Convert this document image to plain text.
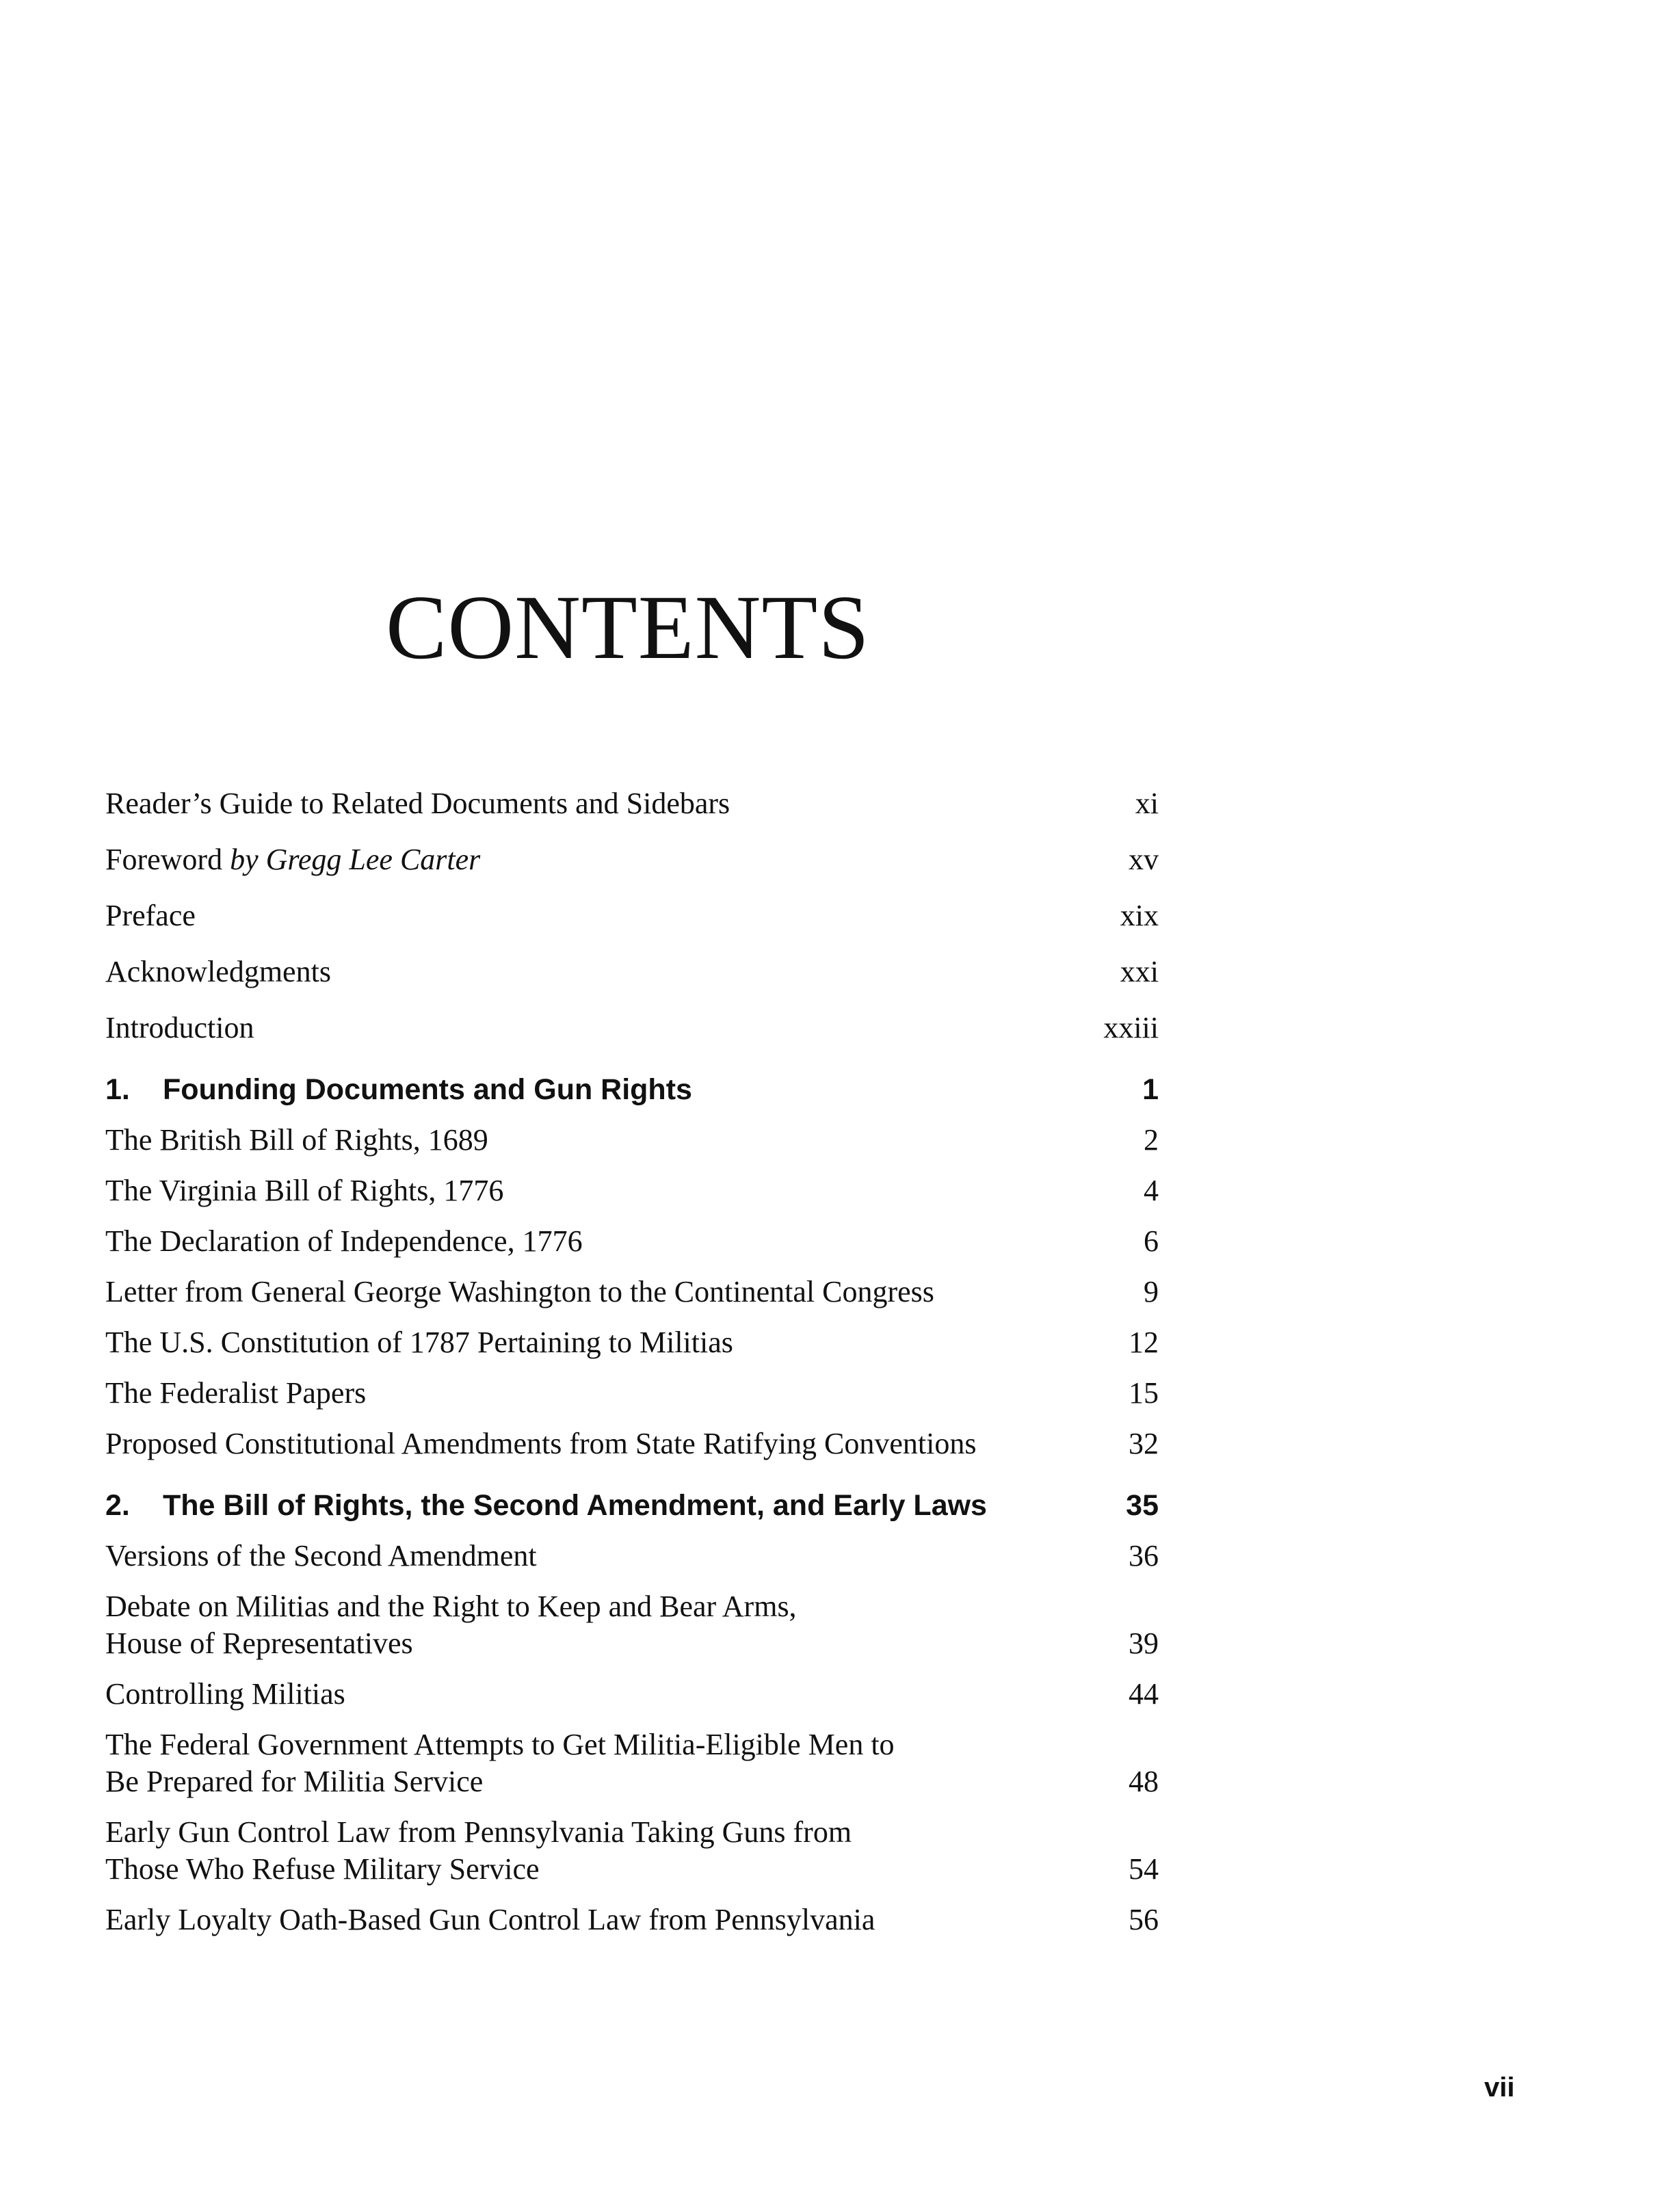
CONTENTS
Reader’s Guide to Related Documents and Sidebars	xi
Foreword by Gregg Lee Carter	xv
Preface	xix
Acknowledgments	xxi
Introduction	xxiii
1. Founding Documents and Gun Rights	1
The British Bill of Rights, 1689	2
The Virginia Bill of Rights, 1776	4
The Declaration of Independence, 1776	6
Letter from General George Washington to the Continental Congress	9
The U.S. Constitution of 1787 Pertaining to Militias	12
The Federalist Papers	15
Proposed Constitutional Amendments from State Ratifying Conventions	32
2. The Bill of Rights, the Second Amendment, and Early Laws	35
Versions of the Second Amendment	36
Debate on Militias and the Right to Keep and Bear Arms,
House of Representatives	39
Controlling Militias	44
The Federal Government Attempts to Get Militia-Eligible Men to
Be Prepared for Militia Service	48
Early Gun Control Law from Pennsylvania Taking Guns from
Those Who Refuse Military Service	54
Early Loyalty Oath-Based Gun Control Law from Pennsylvania	56
vii
